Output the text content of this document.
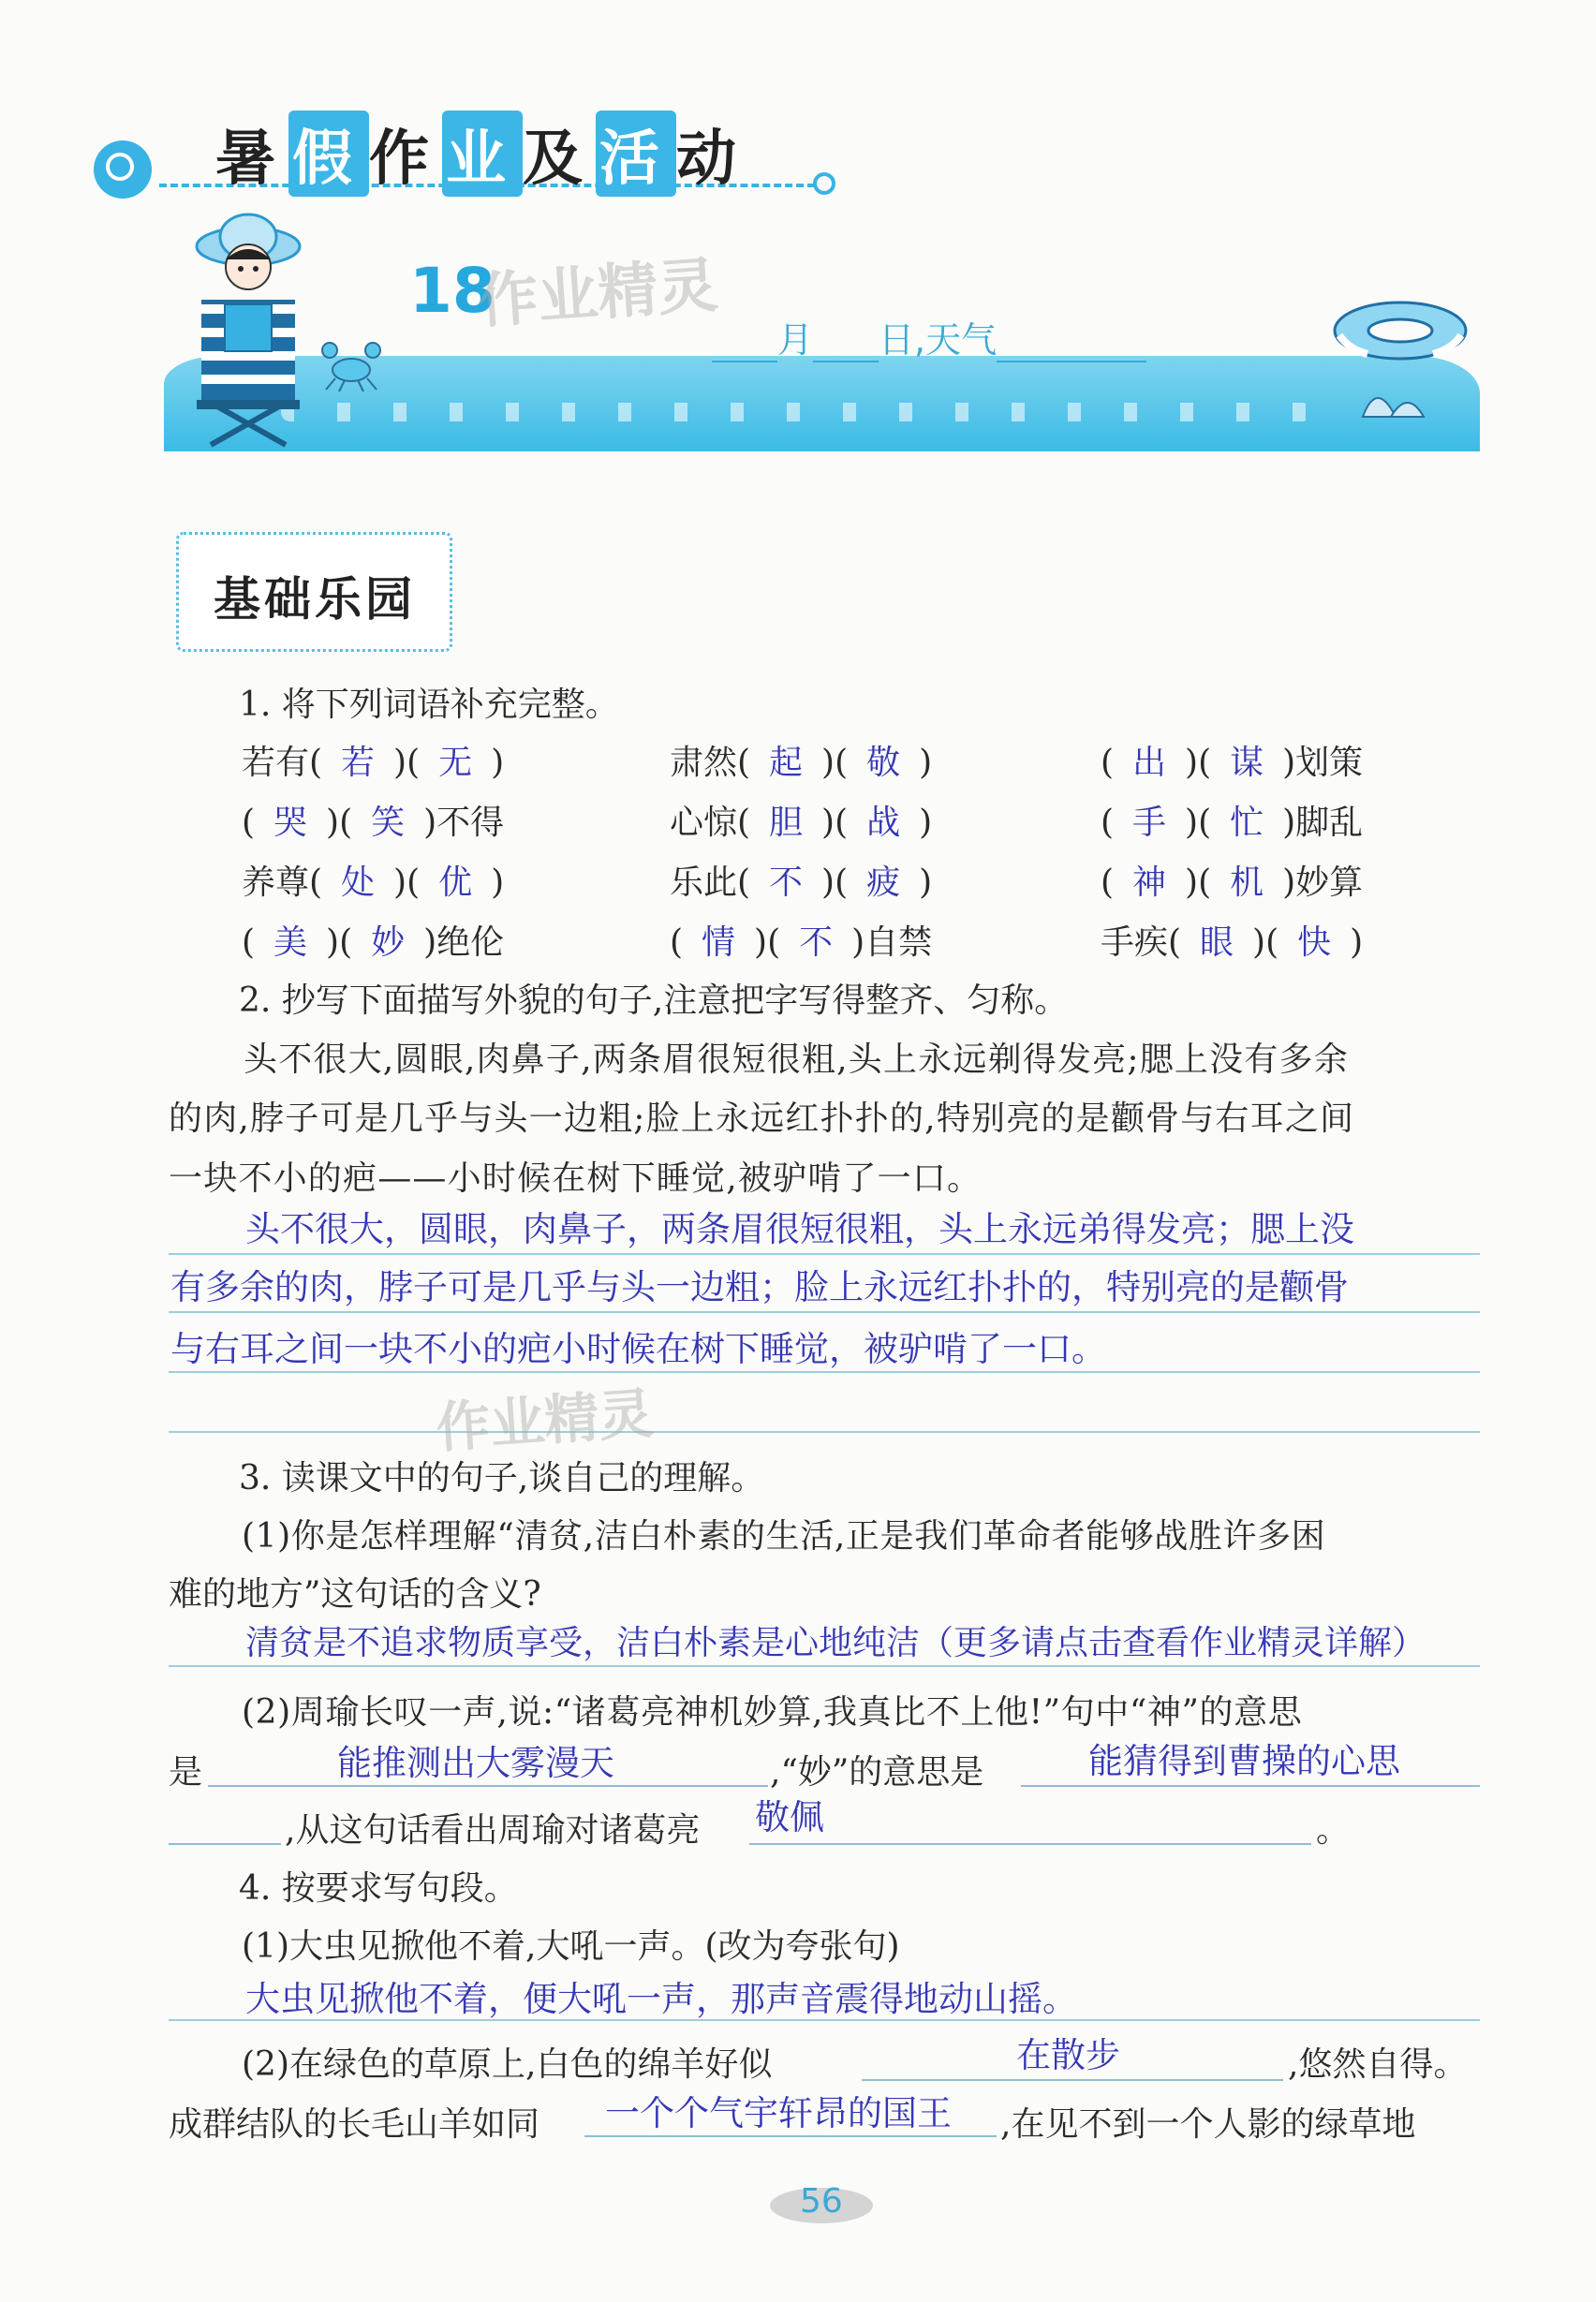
暑假作业及活动
18
作业精灵
月 日,天气
基础乐园
1. 将下列词语补充完整。
若有( 若 )( 无 )	肃然( 起 )( 敬 )	( 出 )( 谋 )划策
( 哭 )( 笑 )不得	心惊( 胆 )( 战 )	( 手 )( 忙 )脚乱
养尊( 处 )( 优 )	乐此( 不 )( 疲 )	( 神 )( 机 )妙算
( 美 )( 妙 )绝伦	( 情 )( 不 )自禁	手疾( 眼 )( 快 )
2. 抄写下面描写外貌的句子,注意把字写得整齐、匀称。
头不很大,圆眼,肉鼻子,两条眉很短很粗,头上永远剃得发亮;腮上没有多余
的肉,脖子可是几乎与头一边粗;脸上永远红扑扑的,特别亮的是颧骨与右耳之间
一块不小的疤——小时候在树下睡觉,被驴啃了一口。
头不很大，圆眼，肉鼻子，两条眉很短很粗，头上永远弟得发亮；腮上没
有多余的肉，脖子可是几乎与头一边粗；脸上永远红扑扑的，特别亮的是颧骨
与右耳之间一块不小的疤小时候在树下睡觉，被驴啃了一口。
作业精灵
3. 读课文中的句子,谈自己的理解。
(1)你是怎样理解“清贫,洁白朴素的生活,正是我们革命者能够战胜许多困
难的地方”这句话的含义?
清贫是不追求物质享受，洁白朴素是心地纯洁（更多请点击查看作业精灵详解）
(2)周瑜长叹一声,说:“诸葛亮神机妙算,我真比不上他!”句中“神”的意思
是	能推测出大雾漫天	,“妙”的意思是	能猜得到曹操的心思
,从这句话看出周瑜对诸葛亮 敬佩	。
4. 按要求写句段。
(1)大虫见掀他不着,大吼一声。(改为夸张句)
大虫见掀他不着，便大吼一声，那声音震得地动山摇。
(2)在绿色的草原上,白色的绵羊好似	在散步	,悠然自得。
成群结队的长毛山羊如同 一个个气宇轩昂的国王 ,在见不到一个人影的绿草地
56
